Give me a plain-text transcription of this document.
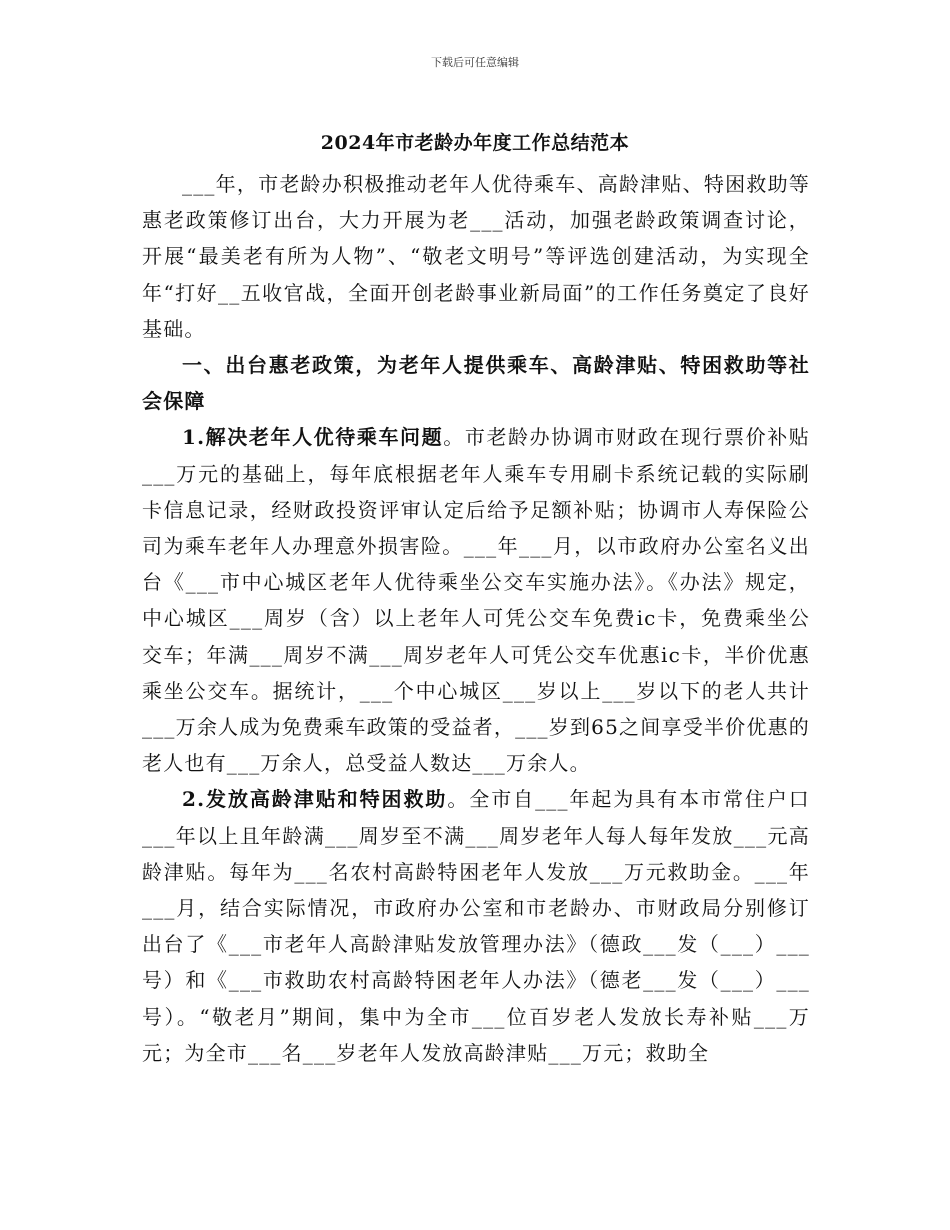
下载后可任意编辑
2024年市老龄办年度工作总结范本

___年，市老龄办积极推动老年人优待乘车、高龄津贴、特困救助等惠老政策修订出台，大力开展为老___活动，加强老龄政策调查讨论，开展“最美老有所为人物”、“敬老文明号”等评选创建活动，为实现全年“打好__五收官战，全面开创老龄事业新局面”的工作任务奠定了良好基础。

一、出台惠老政策，为老年人提供乘车、高龄津贴、特困救助等社会保障

1.解决老年人优待乘车问题。市老龄办协调市财政在现行票价补贴___万元的基础上，每年底根据老年人乘车专用刷卡系统记载的实际刷卡信息记录，经财政投资评审认定后给予足额补贴；协调市人寿保险公司为乘车老年人办理意外损害险。___年___月，以市政府办公室名义出台《___市中心城区老年人优待乘坐公交车实施办法》。《办法》规定，中心城区___周岁（含）以上老年人可凭公交车免费ic卡，免费乘坐公交车；年满___周岁不满___周岁老年人可凭公交车优惠ic卡，半价优惠乘坐公交车。据统计，___个中心城区___岁以上___岁以下的老人共计___万余人成为免费乘车政策的受益者，___岁到65之间享受半价优惠的老人也有___万余人，总受益人数达___万余人。

2.发放高龄津贴和特困救助。全市自___年起为具有本市常住户口___年以上且年龄满___周岁至不满___周岁老年人每人每年发放___元高龄津贴。每年为___名农村高龄特困老年人发放___万元救助金。___年___月，结合实际情况，市政府办公室和市老龄办、市财政局分别修订出台了《___市老年人高龄津贴发放管理办法》（德政___发（___）___号）和《___市救助农村高龄特困老年人办法》（德老___发（___）___号）。“敬老月”期间，集中为全市___位百岁老人发放长寿补贴___万元；为全市___名___岁老年人发放高龄津贴___万元；救助全
